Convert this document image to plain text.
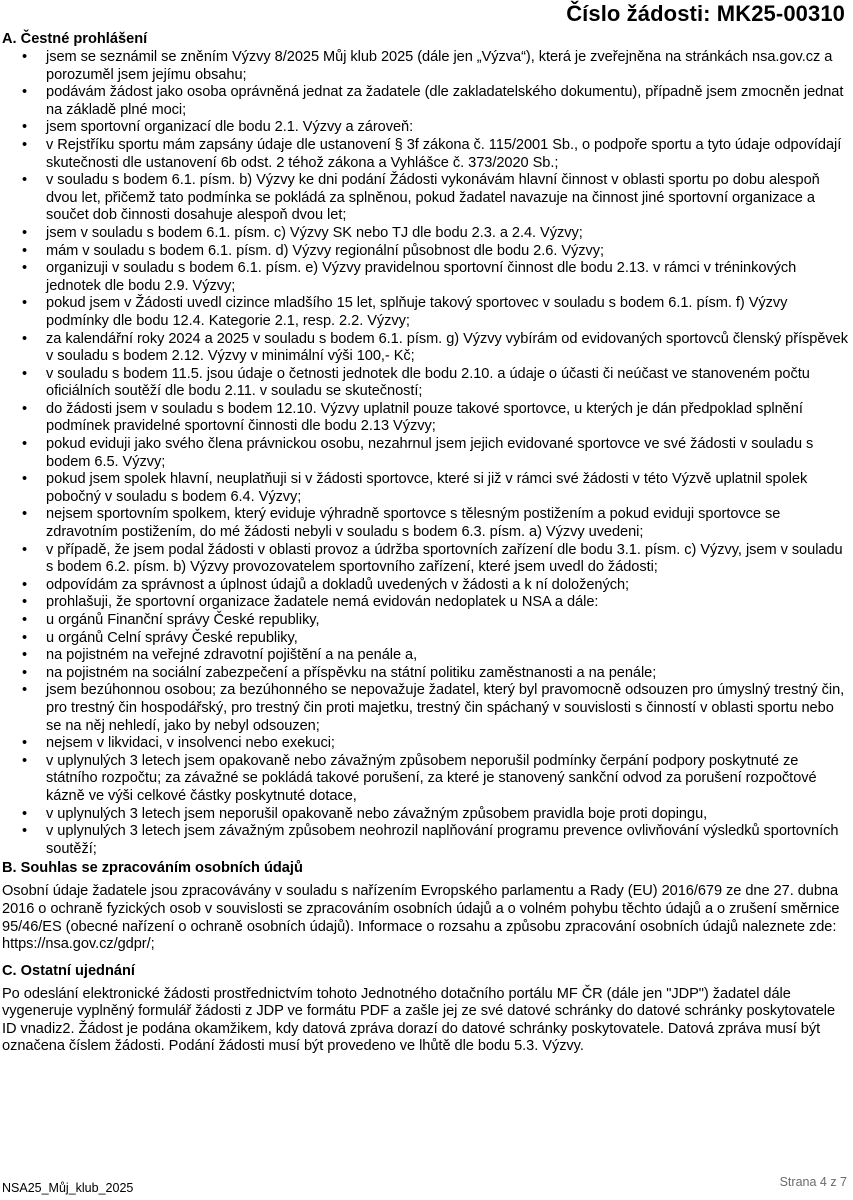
Číslo žádosti: MK25-00310
A. Čestné prohlášení
• jsem se seznámil se zněním Výzvy 8/2025 Můj klub 2025 (dále jen „Výzva“), která je zveřejněna na stránkách nsa.gov.cz a porozuměl jsem jejímu obsahu;
• podávám žádost jako osoba oprávněná jednat za žadatele (dle zakladatelského dokumentu), případně jsem zmocněn jednat na základě plné moci;
• jsem sportovní organizací dle bodu 2.1. Výzvy a zároveň:
• v Rejstříku sportu mám zapsány údaje dle ustanovení § 3f zákona č. 115/2001 Sb., o podpoře sportu a tyto údaje odpovídají skutečnosti dle ustanovení 6b odst. 2 téhož zákona a Vyhlášce č. 373/2020 Sb.;
• v souladu s bodem 6.1. písm. b) Výzvy ke dni podání Žádosti vykonávám hlavní činnost v oblasti sportu po dobu alespoň dvou let, přičemž tato podmínka se pokládá za splněnou, pokud žadatel navazuje na činnost jiné sportovní organizace a součet dob činnosti dosahuje alespoň dvou let;
• jsem v souladu s bodem 6.1. písm. c) Výzvy SK nebo TJ dle bodu 2.3. a 2.4. Výzvy;
• mám v souladu s bodem 6.1. písm. d) Výzvy regionální působnost dle bodu 2.6. Výzvy;
• organizuji v souladu s bodem 6.1. písm. e) Výzvy pravidelnou sportovní činnost dle bodu 2.13. v rámci v tréninkových jednotek dle bodu 2.9. Výzvy;
• pokud jsem v Žádosti uvedl cizince mladšího 15 let, splňuje takový sportovec v souladu s bodem 6.1. písm. f) Výzvy podmínky dle bodu 12.4. Kategorie 2.1, resp. 2.2. Výzvy;
• za kalendářní roky 2024 a 2025 v souladu s bodem 6.1. písm. g) Výzvy vybírám od evidovaných sportovců členský příspěvek v souladu s bodem 2.12. Výzvy v minimální výši 100,- Kč;
• v souladu s bodem 11.5. jsou údaje o četnosti jednotek dle bodu 2.10. a údaje o účasti či neúčast ve stanoveném počtu oficiálních soutěží dle bodu 2.11. v souladu se skutečností;
• do žádosti jsem v souladu s bodem 12.10. Výzvy uplatnil pouze takové sportovce, u kterých je dán předpoklad splnění podmínek pravidelné sportovní činnosti dle bodu 2.13 Výzvy;
• pokud eviduji jako svého člena právnickou osobu, nezahrnul jsem jejich evidované sportovce ve své žádosti v souladu s bodem 6.5. Výzvy;
• pokud jsem spolek hlavní, neuplatňuji si v žádosti sportovce, které si již v rámci své žádosti v této Výzvě uplatnil spolek pobočný v souladu s bodem 6.4. Výzvy;
• nejsem sportovním spolkem, který eviduje výhradně sportovce s tělesným postižením a pokud eviduji sportovce se zdravotním postižením, do mé žádosti nebyli v souladu s bodem 6.3. písm. a) Výzvy uvedeni;
• v případě, že jsem podal žádosti v oblasti provoz a údržba sportovních zařízení dle bodu 3.1. písm. c) Výzvy, jsem v souladu s bodem 6.2. písm. b) Výzvy provozovatelem sportovního zařízení, které jsem uvedl do žádosti;
• odpovídám za správnost a úplnost údajů a dokladů uvedených v žádosti a k ní doložených;
• prohlašuji, že sportovní organizace žadatele nemá evidován nedoplatek u NSA a dále:
• u orgánů Finanční správy České republiky,
• u orgánů Celní správy České republiky,
• na pojistném na veřejné zdravotní pojištění a na penále a,
• na pojistném na sociální zabezpečení a příspěvku na státní politiku zaměstnanosti a na penále;
• jsem bezúhonnou osobou; za bezúhonného se nepovažuje žadatel, který byl pravomocně odsouzen pro úmyslný trestný čin, pro trestný čin hospodářský, pro trestný čin proti majetku, trestný čin spáchaný v souvislosti s činností v oblasti sportu nebo se na něj nehledí, jako by nebyl odsouzen;
• nejsem v likvidaci, v insolvenci nebo exekuci;
• v uplynulých 3 letech jsem opakovaně nebo závažným způsobem neporušil podmínky čerpání podpory poskytnuté ze státního rozpočtu; za závažné se pokládá takové porušení, za které je stanovený sankční odvod za porušení rozpočtové kázně ve výši celkové částky poskytnuté dotace,
• v uplynulých 3 letech jsem neporušil opakovaně nebo závažným způsobem pravidla boje proti dopingu,
• v uplynulých 3 letech jsem závažným způsobem neohrozil naplňování programu prevence ovlivňování výsledků sportovních soutěží;
B. Souhlas se zpracováním osobních údajů

Osobní údaje žadatele jsou zpracovávány v souladu s nařízením Evropského parlamentu a Rady (EU) 2016/679 ze dne 27. dubna 2016 o ochraně fyzických osob v souvislosti se zpracováním osobních údajů a o volném pohybu těchto údajů a o zrušení směrnice 95/46/ES (obecné nařízení o ochraně osobních údajů). Informace o rozsahu a způsobu zpracování osobních údajů naleznete zde: https://nsa.gov.cz/gdpr/;

C. Ostatní ujednání

Po odeslání elektronické žádosti prostřednictvím tohoto Jednotného dotačního portálu MF ČR (dále jen "JDP") žadatel dále vygeneruje vyplněný formulář žádosti z JDP ve formátu PDF a zašle jej ze své datové schránky do datové schránky poskytovatele ID vnadiz2. Žádost je podána okamžikem, kdy datová zpráva dorazí do datové schránky poskytovatele. Datová zpráva musí být označena číslem žádosti. Podání žádosti musí být provedeno ve lhůtě dle bodu 5.3. Výzvy.

Strana 4 z 7
NSA25_Můj_klub_2025
